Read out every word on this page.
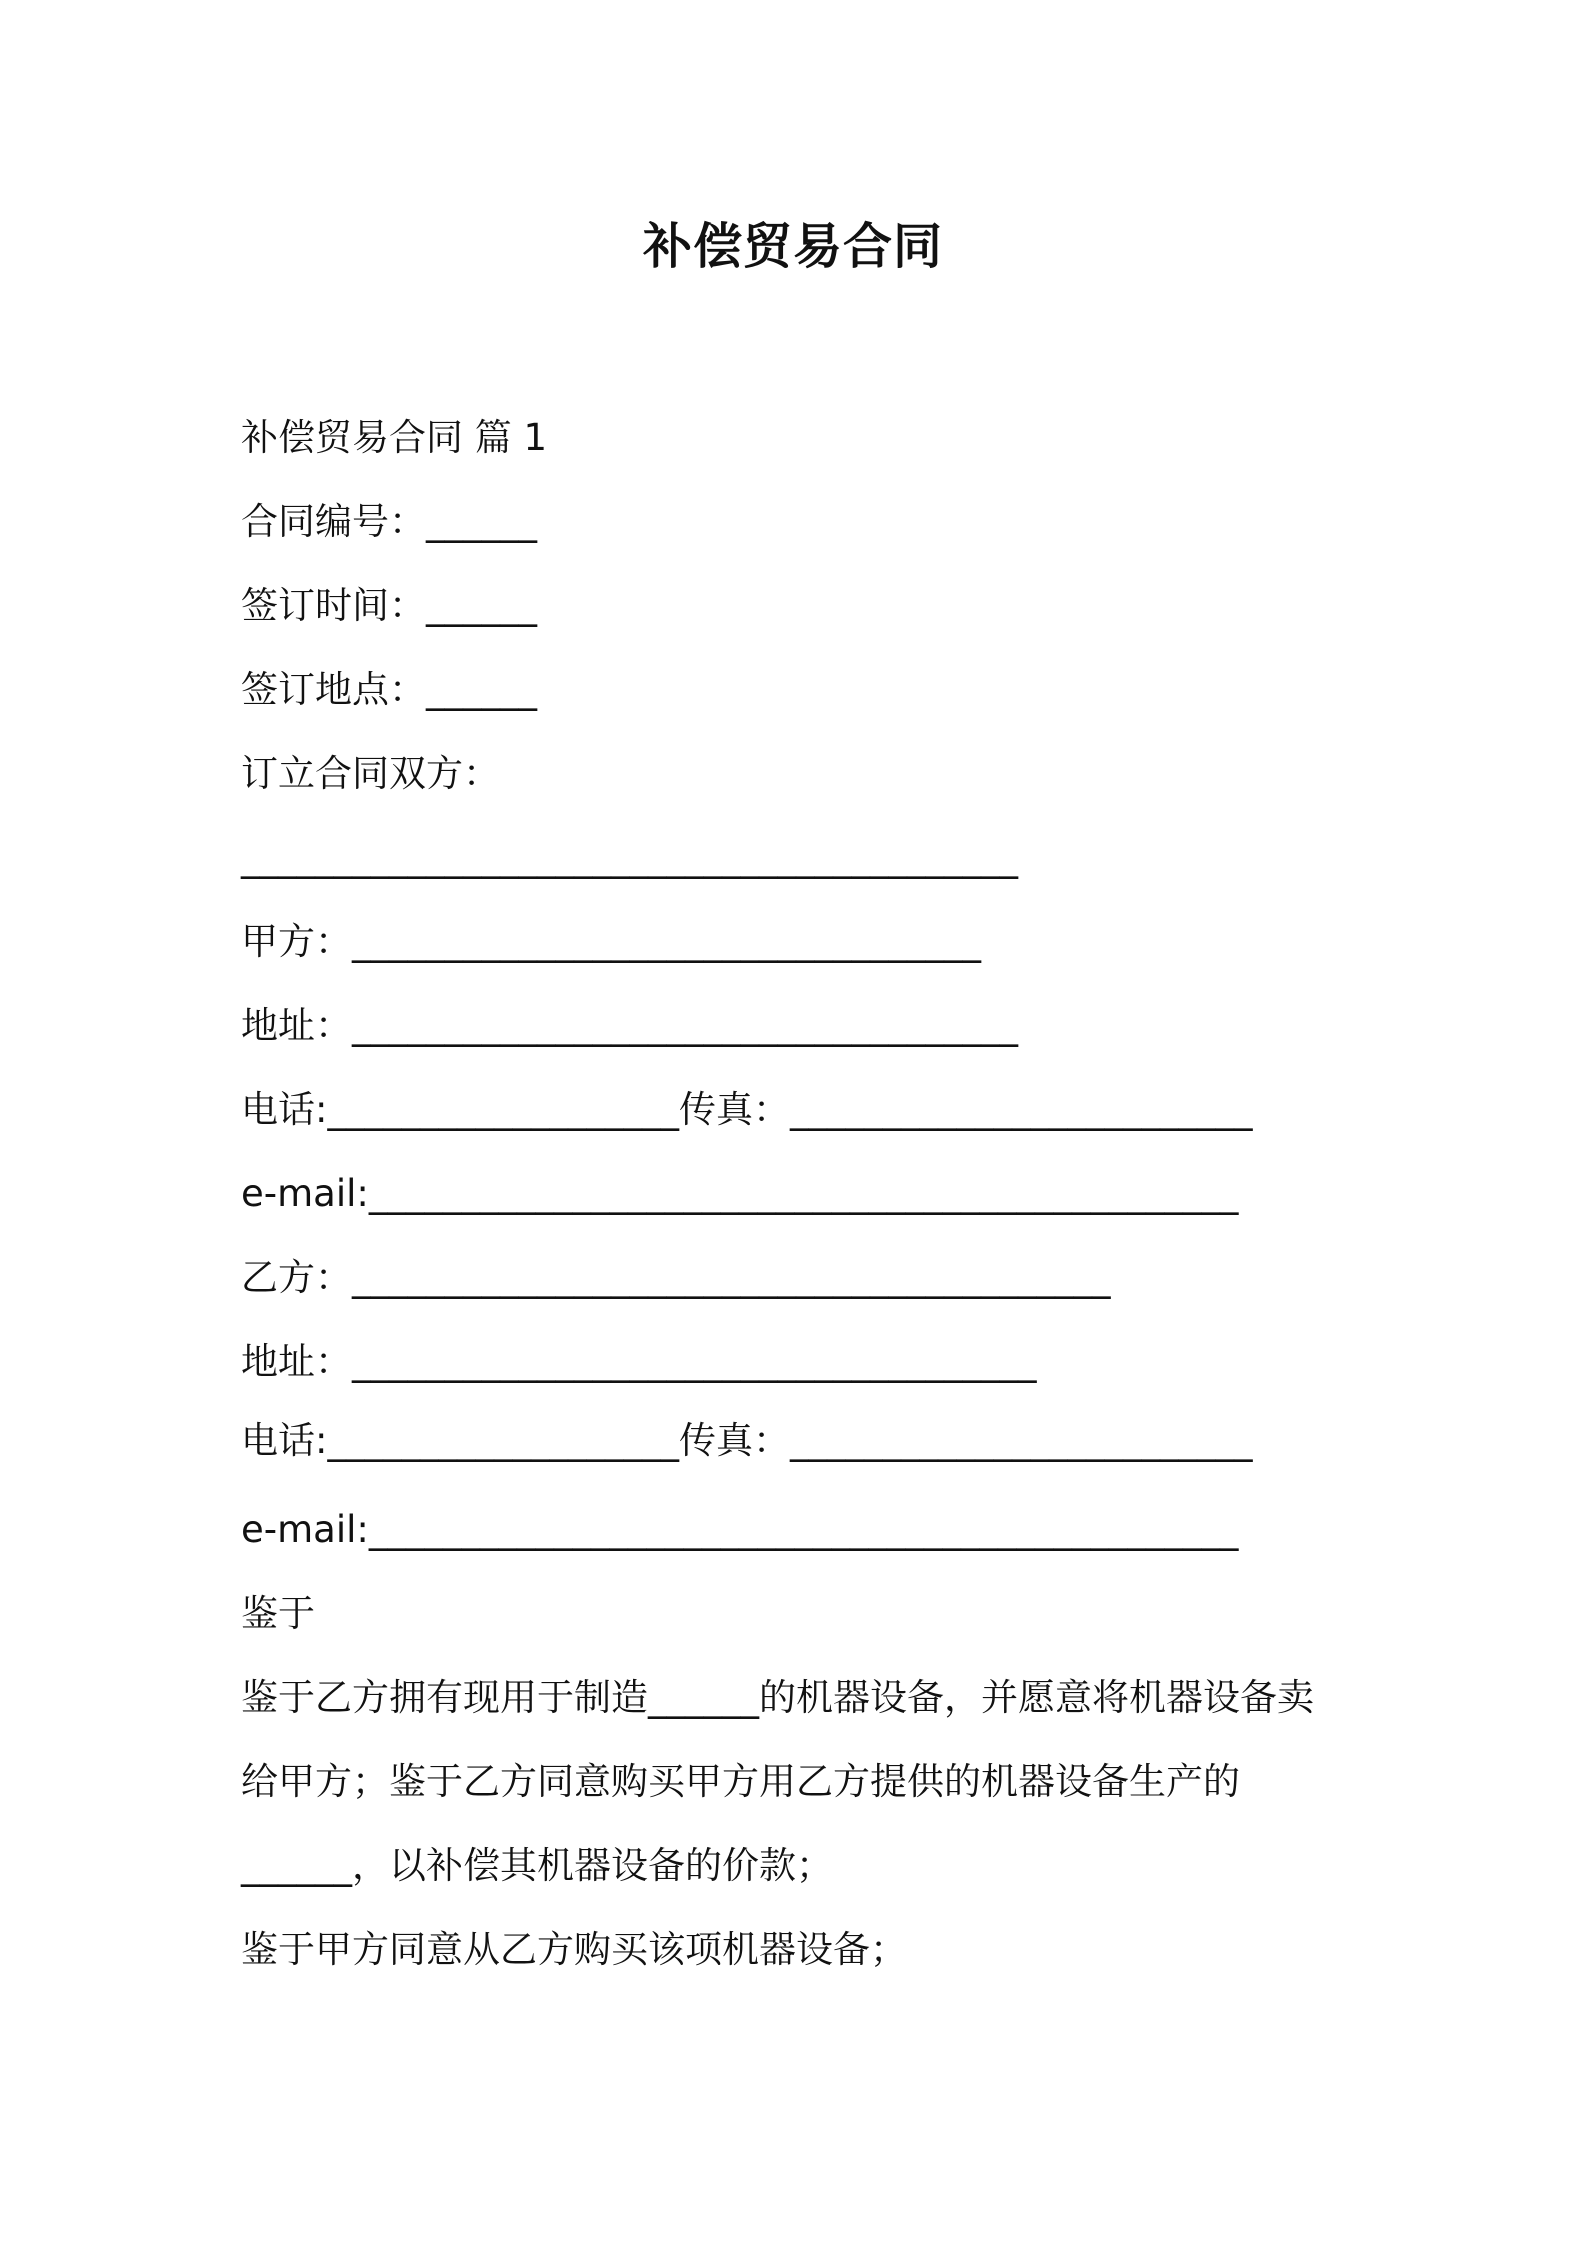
补偿贸易合同
补偿贸易合同 篇 1
合同编号：______
签订时间：______
签订地点：______
订立合同双方：
__________________________________________
甲方：__________________________________
地址：____________________________________
电话:___________________传真：_________________________
e-mail:_______________________________________________
乙方：_________________________________________
地址：_____________________________________
电话:___________________传真：_________________________
e-mail:_______________________________________________
鉴于
鉴于乙方拥有现用于制造______的机器设备，并愿意将机器设备卖
给甲方；鉴于乙方同意购买甲方用乙方提供的机器设备生产的
______，以补偿其机器设备的价款；
鉴于甲方同意从乙方购买该项机器设备；
